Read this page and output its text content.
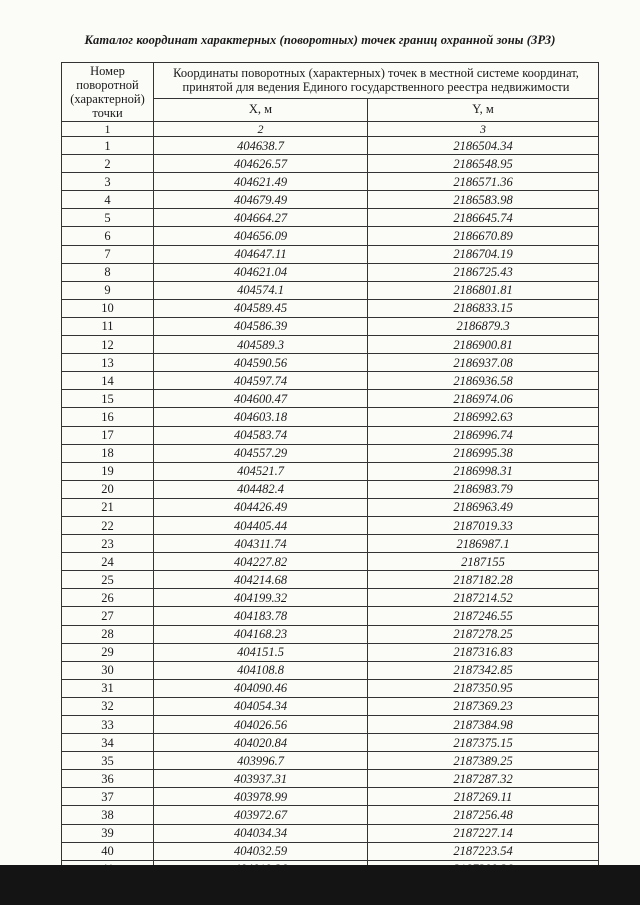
Каталог координат характерных (поворотных) точек границ охранной зоны (ЗРЗ)
Номер поворотной (характерной) точки	Координаты поворотных (характерных) точек в местной системе координат, принятой для ведения Единого государственного реестра недвижимости	
	X, м	Y, м
1	2	3
1	404638.7	2186504.34
2	404626.57	2186548.95
3	404621.49	2186571.36
4	404679.49	2186583.98
5	404664.27	2186645.74
6	404656.09	2186670.89
7	404647.11	2186704.19
8	404621.04	2186725.43
9	404574.1	2186801.81
10	404589.45	2186833.15
11	404586.39	2186879.3
12	404589.3	2186900.81
13	404590.56	2186937.08
14	404597.74	2186936.58
15	404600.47	2186974.06
16	404603.18	2186992.63
17	404583.74	2186996.74
18	404557.29	2186995.38
19	404521.7	2186998.31
20	404482.4	2186983.79
21	404426.49	2186963.49
22	404405.44	2187019.33
23	404311.74	2186987.1
24	404227.82	2187155
25	404214.68	2187182.28
26	404199.32	2187214.52
27	404183.78	2187246.55
28	404168.23	2187278.25
29	404151.5	2187316.83
30	404108.8	2187342.85
31	404090.46	2187350.95
32	404054.34	2187369.23
33	404026.56	2187384.98
34	404020.84	2187375.15
35	403996.7	2187389.25
36	403937.31	2187287.32
37	403978.99	2187269.11
38	403972.67	2187256.48
39	404034.34	2187227.14
40	404032.59	2187223.54
